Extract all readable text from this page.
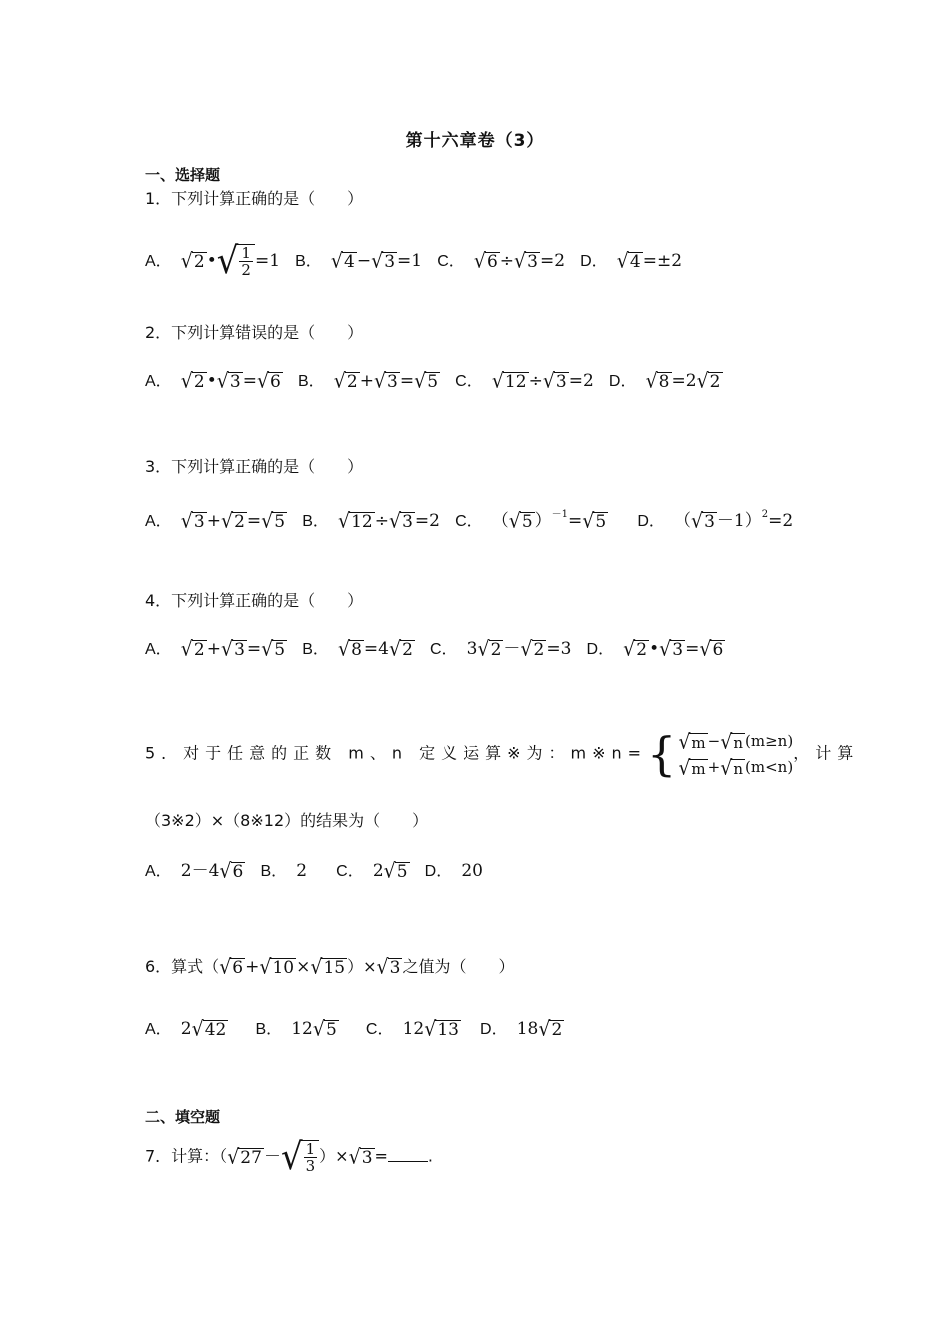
第十六章卷（3）
一、选择题
1．下列计算正确的是（　　）
A． √ 2 • √ $\frac{1}{2} =1$ B． √ 4 − √ 3 =1 C． √ 6 ÷ √ 3 =2 D． √ 4 =±2
2．下列计算错误的是（　　）
A． √ 2 • √ 3 = √ 6 B． √ 2 + √ 3 = √ 5 C． √ 12 ÷ √ 3 =2 D． √ 8 =2 √ 2
3．下列计算正确的是（　　）
A． √ 3 + √ 2 = √ 5 B． √ 12 ÷ √ 3 =2 C． （ √ 5 ）$^{-1}$= √ 5 D． （ √ 3 －1）$^2$=2
4．下列计算正确的是（　　）
A． √ 2 + √ 3 = √ 5 B． √ 8 =4 √ 2 C． 3 √ 2 － √ 2 =3 D． √ 2 • √ 3 = √ 6
5．对于任意的正数 m、n 定义运算※为：m※n= { √ m − √ n (m≥n)
√ m + √ n (m<n)
，计算
（3※2）×（8※12）的结果为（　　）
A． 2－4 √ 6 B． 2 C． 2 √ 5 D． 20
6．算式（ √ 6 + √ 10 × √ 15 ）× √ 3 之值为（　　）
A． 2 √ 42 B． 12 √ 5 C． 12 √ 13 D． 18 √ 2
二、填空题
7．计算：（ √ 27 － √ $\frac{1}{3}$ ）× √ 3 =	.
